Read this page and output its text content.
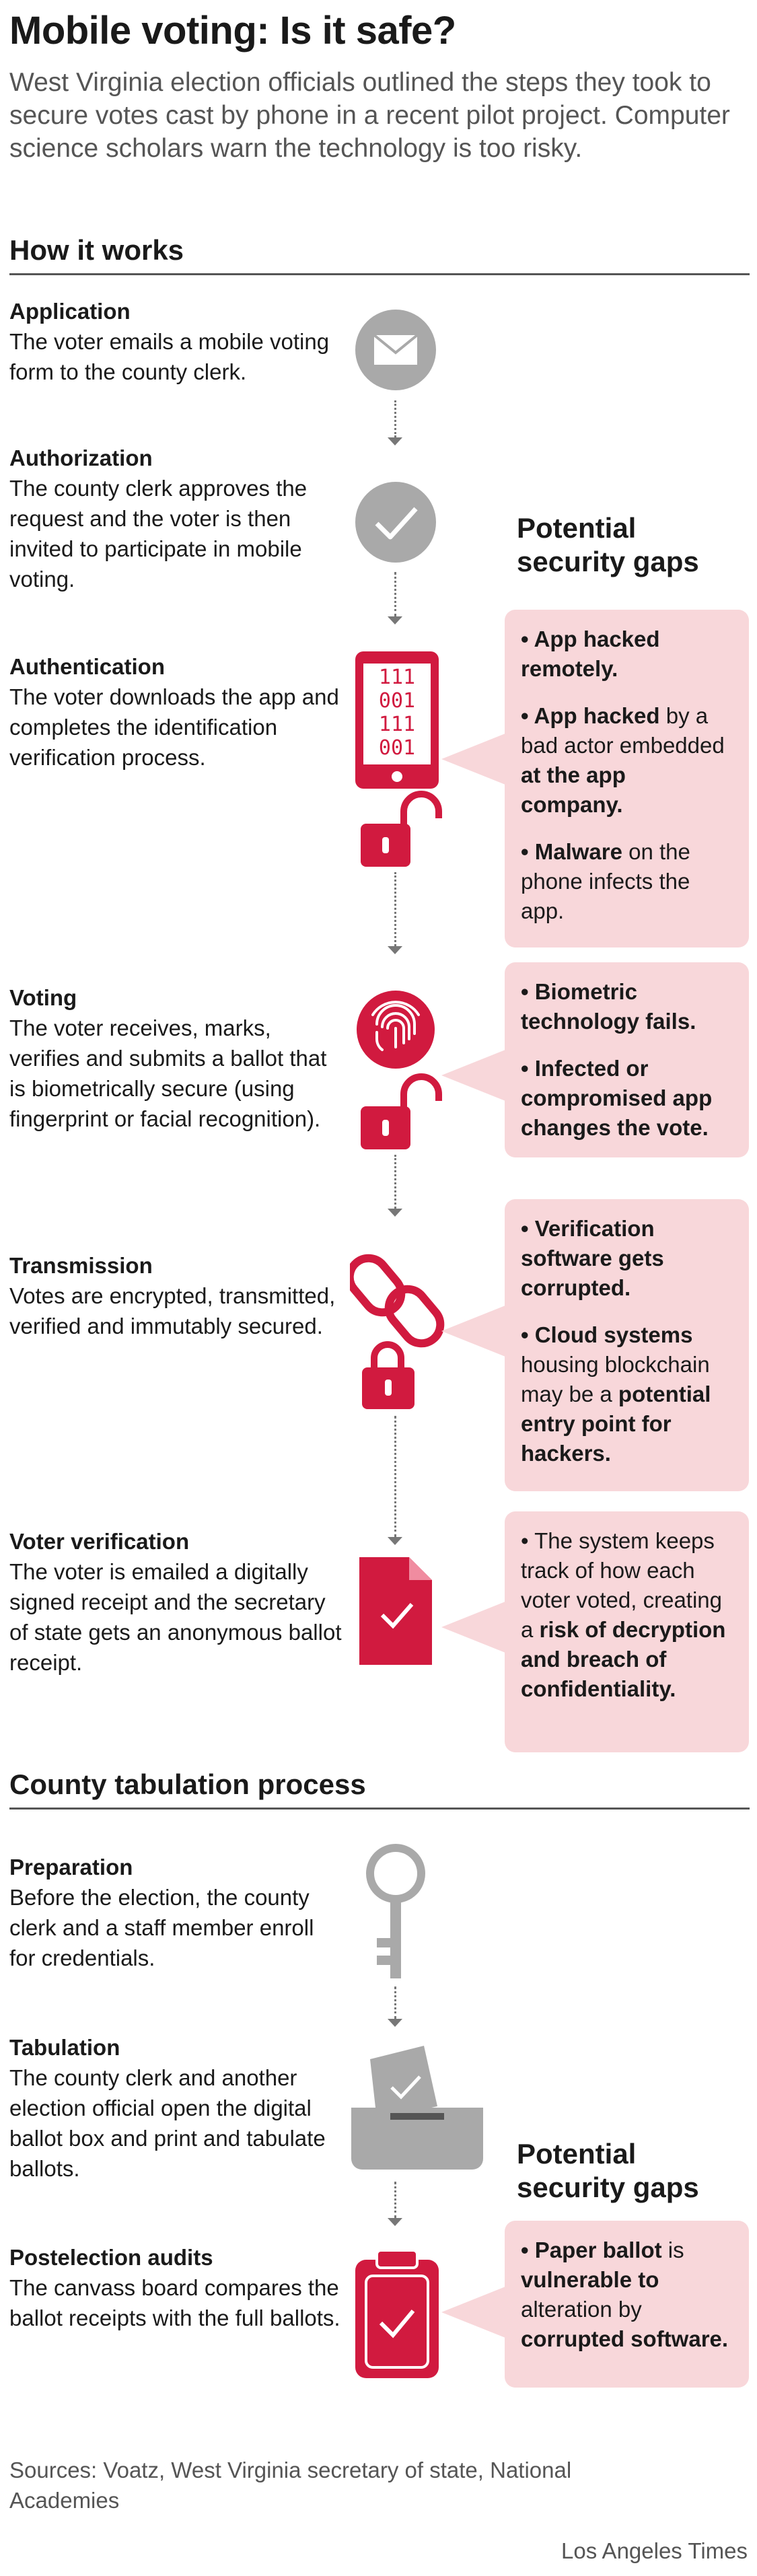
Mobile voting: Is it safe?

West Virginia election officials outlined the steps they took to secure votes cast by phone in a recent pilot project. Computer science scholars warn the technology is too risky.

How it works
Application
The voter emails a mobile voting form to the county clerk.
Authorization
The county clerk approves the request and the voter is then invited to participate in mobile voting.
Authentication
The voter downloads the app and completes the identification verification process.
Voting
The voter receives, marks, verifies and submits a ballot that is biometrically secure (using fingerprint or facial recognition).
Transmission
Votes are encrypted, transmitted, verified and immutably secured.
Voter verification
The voter is emailed a digitally signed receipt and the secretary of state gets an anonymous ballot receipt.
County tabulation process
Preparation
Before the election, the county clerk and a staff member enroll for credentials.
Tabulation
The county clerk and another election official open the digital ballot box and print and tabulate ballots.
Postelection audits
The canvass board compares the ballot receipts with the full ballots.
111
001
111
001
Potential security gaps
Potential security gaps

• App hacked remotely.

• App hacked by a bad actor embedded at the app company.

• Malware on the phone infects the app.

• Biometric technology fails.

• Infected or compromised app changes the vote.

• Verification software gets corrupted.

• Cloud systems housing blockchain may be a potential entry point for hackers.

• The system keeps track of how each voter voted, creating a risk of decryption and breach of confidentiality.

• Paper ballot is vulnerable to alteration by corrupted software.

Sources: Voatz, West Virginia secretary of state, National Academies
Los Angeles Times
